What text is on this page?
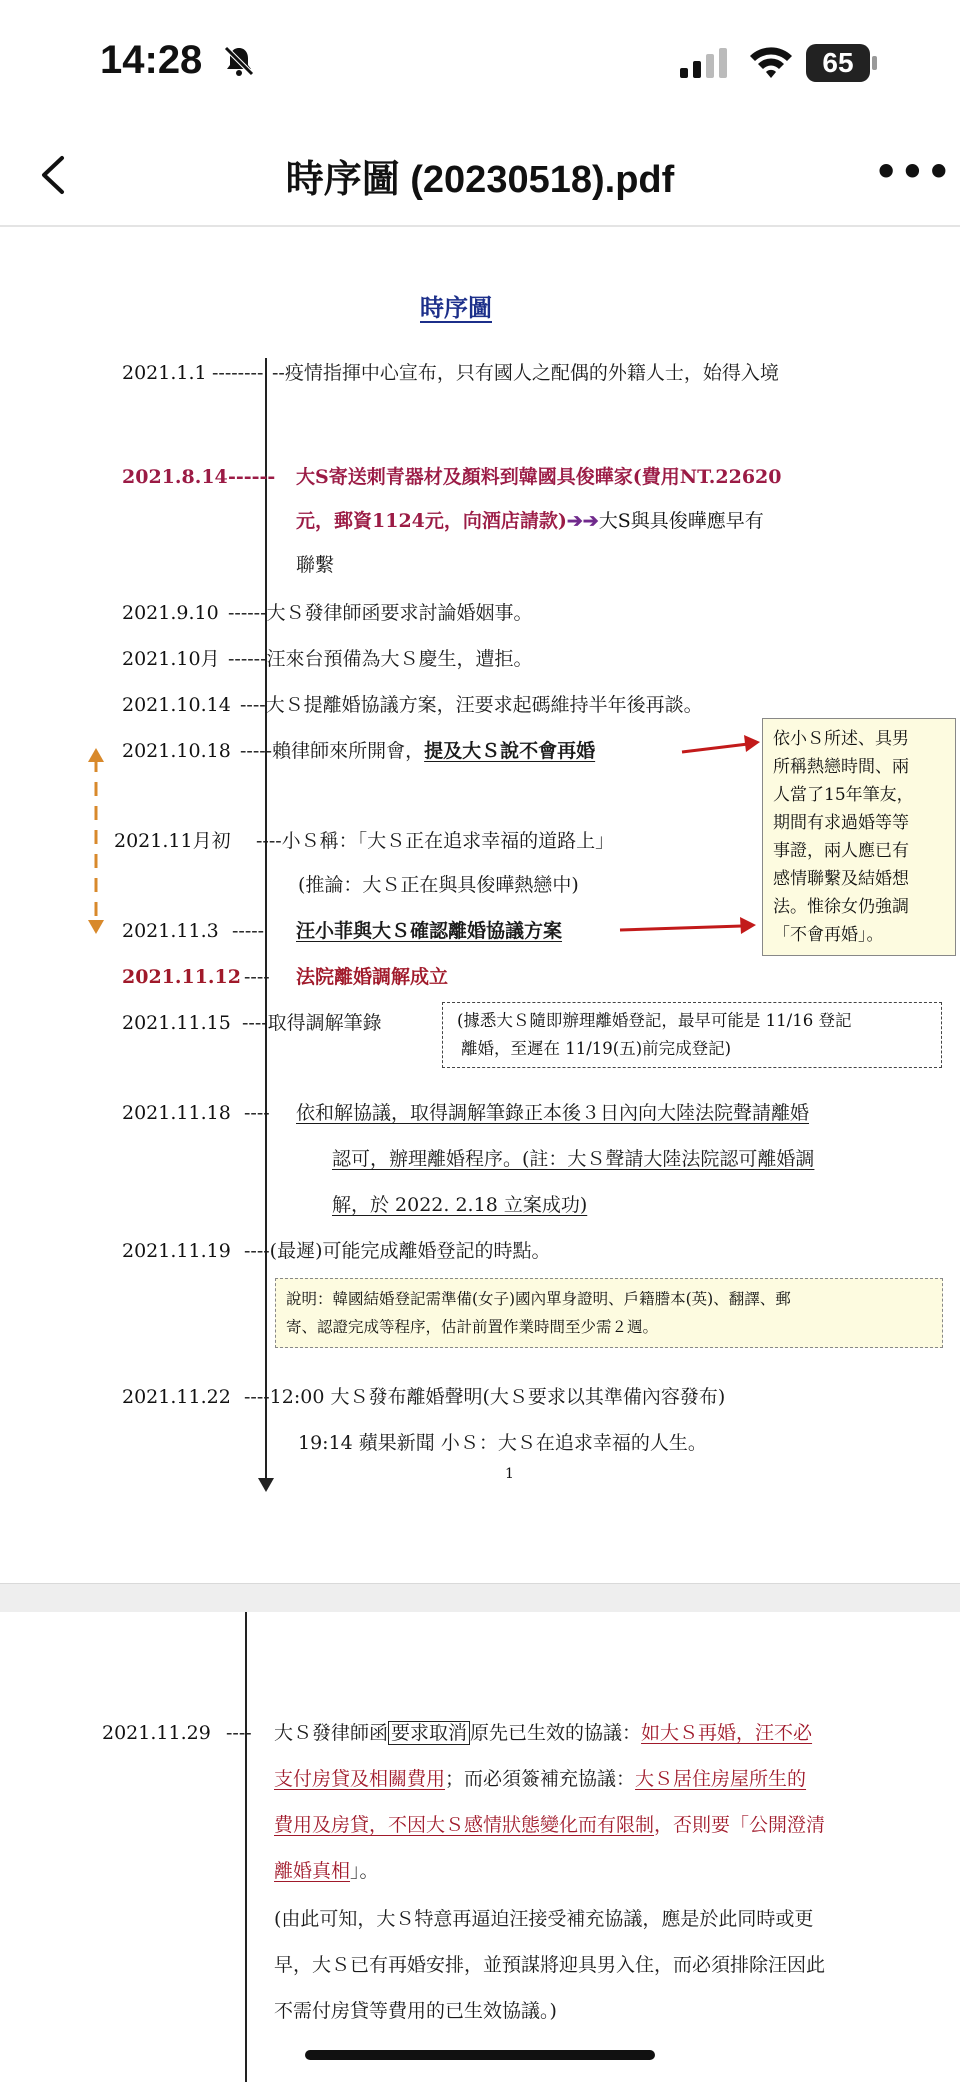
14:28	65
時序圖 (20230518).pdf	•••
時序圖
2021.1.1 -------- --疫情指揮中心宣布，只有國人之配偶的外籍人士，始得入境
2021.8.14 ------ 大S寄送刺青器材及顏料到韓國具俊曄家(費用NT.22620
元，郵資1124元，向酒店請款)➔➔大S與具俊曄應早有
聯繫
2021.9.10 ------大Ｓ發律師函要求討論婚姻事。
2021.10月 ------汪來台預備為大Ｓ慶生，遭拒。
2021.10.14 ----大Ｓ提離婚協議方案，汪要求起碼維持半年後再談。
2021.10.18 -----賴律師來所開會，提及大Ｓ說不會再婚
依小Ｓ所述、具男
所稱熱戀時間、兩
人當了15年筆友，
期間有求過婚等等
事證，兩人應已有
感情聯繫及結婚想
法。惟徐女仍強調
「不會再婚」。
2021.11月初 ----小Ｓ稱：「大Ｓ正在追求幸福的道路上」
(推論：大Ｓ正在與具俊曄熱戀中)
2021.11.3 ----- 汪小菲與大Ｓ確認離婚協議方案
2021.11.12 ---- 法院離婚調解成立
2021.11.15 ----取得調解筆錄	(據悉大Ｓ隨即辦理離婚登記，最早可能是 11/16 登記
離婚，至遲在 11/19(五)前完成登記)
2021.11.18 ---- 依和解協議，取得調解筆錄正本後３日內向大陸法院聲請離婚
認可，辦理離婚程序。(註：大Ｓ聲請大陸法院認可離婚調
解，於 2022. 2.18 立案成功)
2021.11.19 ----(最遲)可能完成離婚登記的時點。
說明：韓國結婚登記需準備(女子)國內單身證明、戶籍謄本(英)、翻譯、郵
寄、認證完成等程序，估計前置作業時間至少需２週。
2021.11.22 ----12:00 大Ｓ發布離婚聲明(大Ｓ要求以其準備內容發布)
19:14 蘋果新聞 小Ｓ：大Ｓ在追求幸福的人生。
1
2021.11.29 ---- 大Ｓ發律師函 要求取消 原先已生效的協議：如大Ｓ再婚，汪不必
支付房貸及相關費用；而必須簽補充協議：大Ｓ居住房屋所生的
費用及房貸，不因大Ｓ感情狀態變化而有限制，否則要「公開澄清
離婚真相」。
(由此可知，大Ｓ特意再逼迫汪接受補充協議，應是於此同時或更
早，大Ｓ已有再婚安排，並預謀將迎具男入住，而必須排除汪因此
不需付房貸等費用的已生效協議。)
